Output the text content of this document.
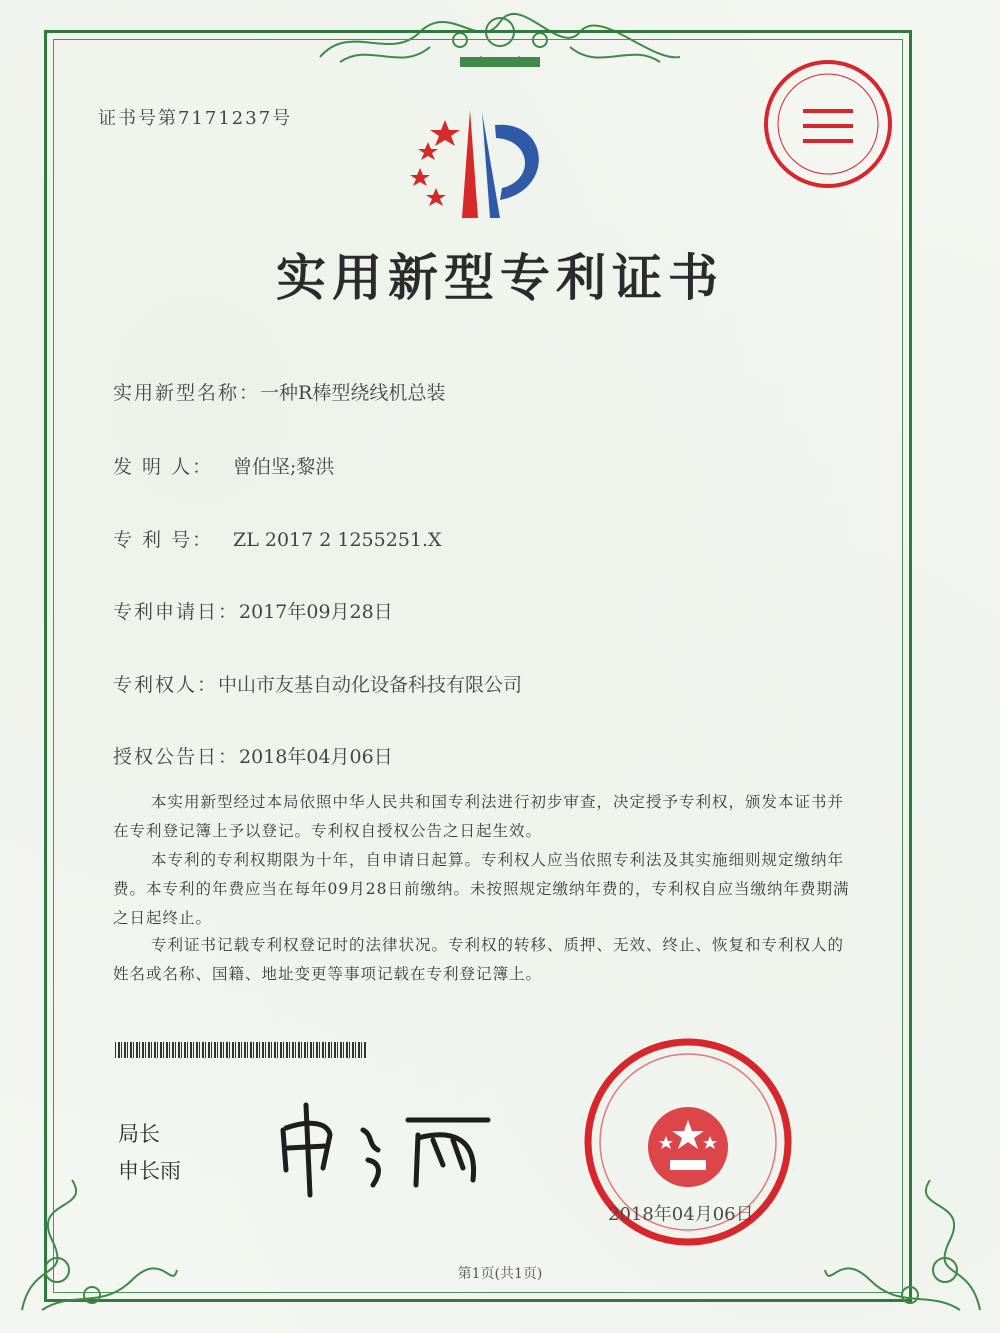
证书号第7171237号
实用新型专利证书
实用新型名称：一种R棒型绕线机总装
发 明 人： 曾伯坚;黎洪
专 利 号： ZL 2017 2 1255251.X
专利申请日：2017年09月28日
专利权人：中山市友基自动化设备科技有限公司
授权公告日：2018年04月06日
本实用新型经过本局依照中华人民共和国专利法进行初步审查，决定授予专利权，颁发本证书并在专利登记簿上予以登记。专利权自授权公告之日起生效。
本专利的专利权期限为十年，自申请日起算。专利权人应当依照专利法及其实施细则规定缴纳年费。本专利的年费应当在每年09月28日前缴纳。未按照规定缴纳年费的，专利权自应当缴纳年费期满之日起终止。
专利证书记载专利权登记时的法律状况。专利权的转移、质押、无效、终止、恢复和专利权人的姓名或名称、国籍、地址变更等事项记载在专利登记簿上。
局长
申长雨
2018年04月06日
第1页(共1页)
